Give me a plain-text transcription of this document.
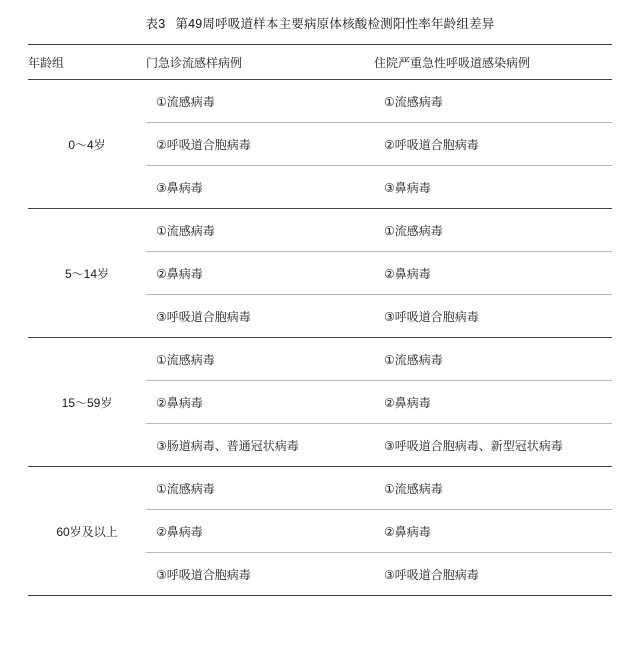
表3 第49周呼吸道样本主要病原体核酸检测阳性率年龄组差异
年龄组	门急诊流感样病例	住院严重急性呼吸道感染病例
0～4岁	①流感病毒	①流感病毒
	②呼吸道合胞病毒	②呼吸道合胞病毒
	③鼻病毒	③鼻病毒

5～14岁	①流感病毒	①流感病毒
	②鼻病毒	②鼻病毒
	③呼吸道合胞病毒	③呼吸道合胞病毒

15～59岁	①流感病毒	①流感病毒
	②鼻病毒	②鼻病毒
	③肠道病毒、普通冠状病毒	③呼吸道合胞病毒、新型冠状病毒

60岁及以上	①流感病毒	①流感病毒
	②鼻病毒	②鼻病毒
	③呼吸道合胞病毒	③呼吸道合胞病毒
